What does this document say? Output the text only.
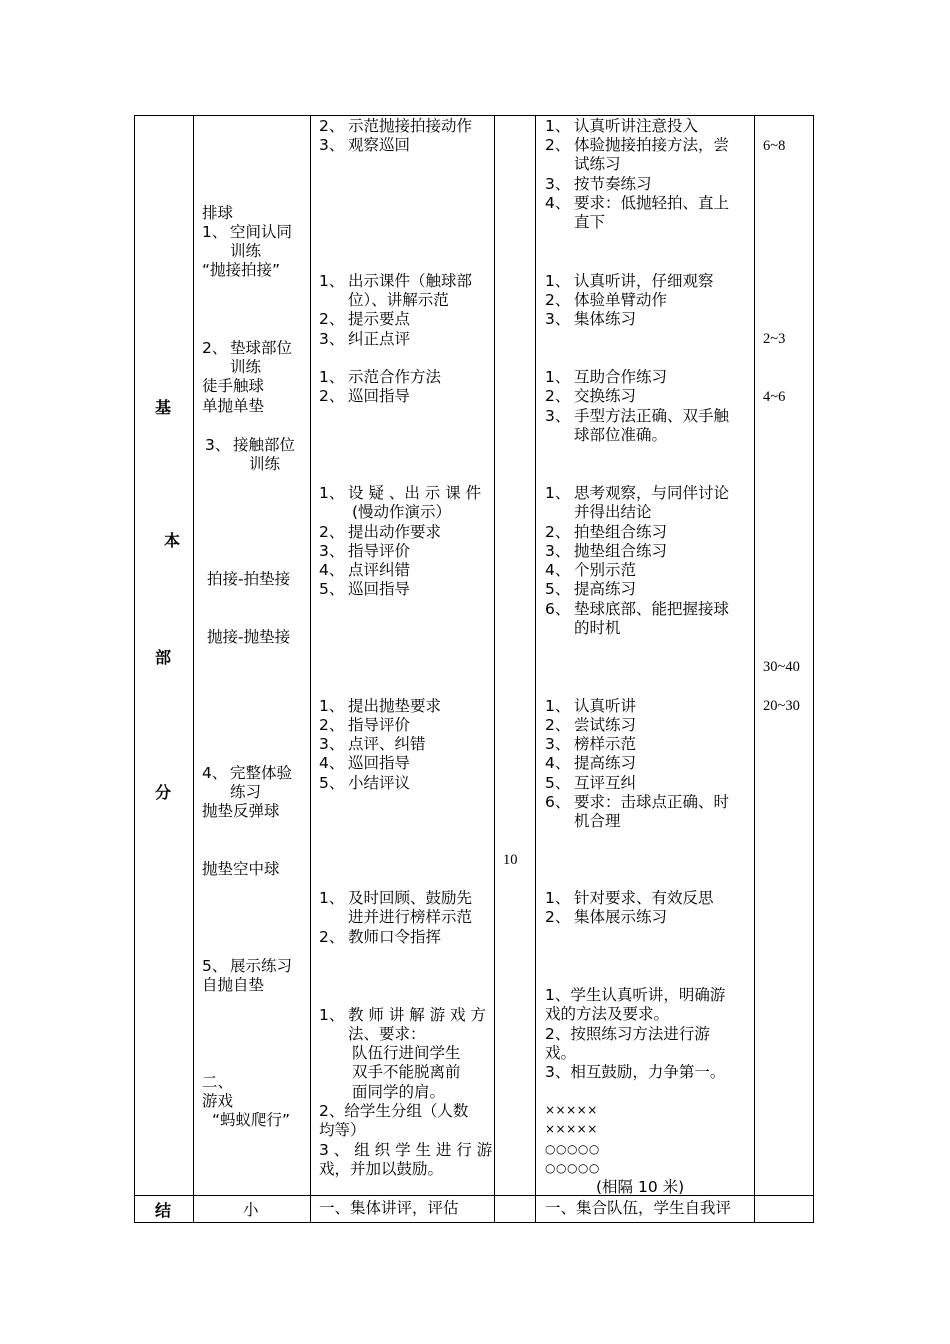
基
本
部
分
结
排球
1、 空间认同
训练
“抛接拍接”
2、 垫球部位
训练
徒手触球
单抛单垫
3、 接触部位
训练
拍接-拍垫接
抛接-抛垫接
4、 完整体验
练习
抛垫反弹球
抛垫空中球
5、 展示练习
自抛自垫
二、
游戏
“蚂蚁爬行”
小
2、 示范抛接拍接动作
3、 观察巡回
1、 出示课件（触球部
位）、讲解示范
2、 提示要点
3、 纠正点评
1、 示范合作方法
2、 巡回指导
1、 设 疑 、出 示 课 件
(慢动作演示）
2、 提出动作要求
3、 指导评价
4、 点评纠错
5、 巡回指导
1、 提出抛垫要求
2、 指导评价
3、 点评、纠错
4、 巡回指导
5、 小结评议
1、 及时回顾、鼓励先
进并进行榜样示范
2、 教师口令指挥
1、 教 师 讲 解 游 戏 方
法、要求：
队伍行进间学生
双手不能脱离前
面同学的肩。
2、给学生分组（人数
均等）
3 、 组 织 学 生 进 行 游
戏，并加以鼓励。
一、集体讲评，评估
10
1、 认真听讲注意投入
2、 体验抛接拍接方法，尝
试练习
3、 按节奏练习
4、 要求：低抛轻拍、直上
直下
1、 认真听讲，仔细观察
2、 体验单臂动作
3、 集体练习
1、 互助合作练习
2、 交换练习
3、 手型方法正确、双手触
球部位准确。
1、 思考观察，与同伴讨论
并得出结论
2、 拍垫组合练习
3、 抛垫组合练习
4、 个别示范
5、 提高练习
6、 垫球底部、能把握接球
的时机
1、 认真听讲
2、 尝试练习
3、 榜样示范
4、 提高练习
5、 互评互纠
6、 要求：击球点正确、时
机合理
1、 针对要求、有效反思
2、 集体展示练习
1、学生认真听讲，明确游
戏的方法及要求。
2、按照练习方法进行游
戏。
3、相互鼓励，力争第一。
×××××
×××××
○○○○○
○○○○○
(相隔 10 米)
一、集合队伍，学生自我评
6~8
2~3
4~6
30~40
20~30
